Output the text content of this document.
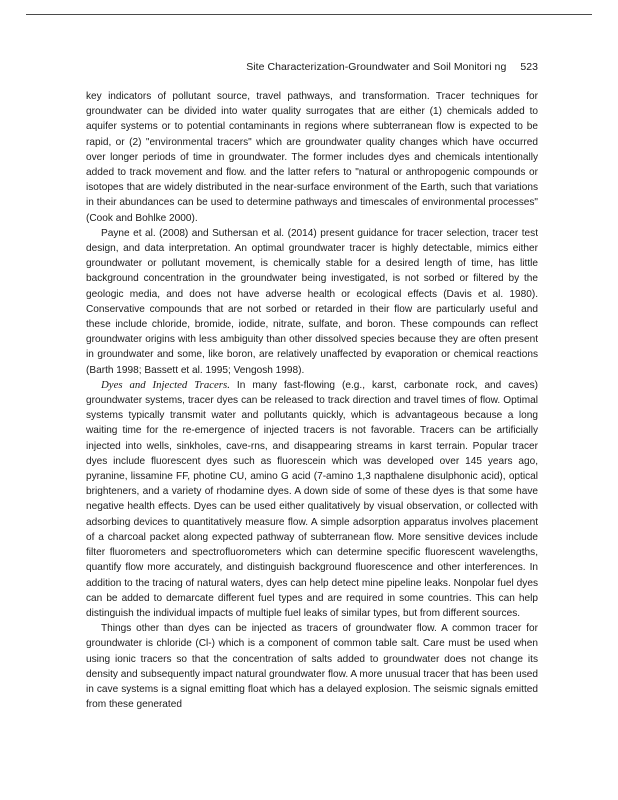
Site Characterization-Groundwater and Soil Monitori ng 523

key indicators of pollutant source, travel pathways, and transformation. Tracer techniques for groundwater can be divided into water quality surrogates that are either (1) chemicals added to aquifer systems or to potential contaminants in regions where subterranean flow is expected to be rapid, or (2) "environmental tracers" which are groundwater quality changes which have occurred over longer periods of time in groundwater. The former includes dyes and chemicals intentionally added to track movement and flow. and the latter refers to "natural or anthropogenic compounds or isotopes that are widely distributed in the near-surface environment of the Earth, such that variations in their abundances can be used to determine pathways and timescales of environmental processes" (Cook and Bohlke 2000).

Payne et al. (2008) and Suthersan et al. (2014) present guidance for tracer selection, tracer test design, and data interpretation. An optimal groundwater tracer is highly detectable, mimics either groundwater or pollutant movement, is chemically stable for a desired length of time, has little background concentration in the groundwater being investigated, is not sorbed or filtered by the geologic media, and does not have adverse health or ecological effects (Davis et al. 1980). Conservative compounds that are not sorbed or retarded in their flow are particularly useful and these include chloride, bromide, iodide, nitrate, sulfate, and boron. These compounds can reflect groundwater origins with less ambiguity than other dissolved species because they are often present in groundwater and some, like boron, are relatively unaffected by evaporation or chemical reactions (Barth 1998; Bassett et al. 1995; Vengosh 1998).

Dyes and Injected Tracers. In many fast-flowing (e.g., karst, carbonate rock, and caves) groundwater systems, tracer dyes can be released to track direction and travel times of flow. Optimal systems typically transmit water and pollutants quickly, which is advantageous because a long waiting time for the re-emergence of injected tracers is not favorable. Tracers can be artificially injected into wells, sinkholes, cave-rns, and disappearing streams in karst terrain. Popular tracer dyes include fluorescent dyes such as fluorescein which was developed over 145 years ago, pyranine, lissamine FF, photine CU, amino G acid (7-amino 1,3 napthalene disulphonic acid), optical brighteners, and a variety of rhodamine dyes. A down side of some of these dyes is that some have negative health effects. Dyes can be used either qualitatively by visual observation, or collected with adsorbing devices to quantitatively measure flow. A simple adsorption apparatus involves placement of a charcoal packet along expected pathway of subterranean flow. More sensitive devices include filter fluorometers and spectrofluorometers which can determine specific fluorescent wavelengths, quantify flow more accurately, and distinguish background fluorescence and other interferences. In addition to the tracing of natural waters, dyes can help detect mine pipeline leaks. Nonpolar fuel dyes can be added to demarcate different fuel types and are required in some countries. This can help distinguish the individual impacts of multiple fuel leaks of similar types, but from different sources.

Things other than dyes can be injected as tracers of groundwater flow. A common tracer for groundwater is chloride (Cl-) which is a component of common table salt. Care must be used when using ionic tracers so that the concentration of salts added to groundwater does not change its density and subsequently impact natural groundwater flow. A more unusual tracer that has been used in cave systems is a signal emitting float which has a delayed explosion. The seismic signals emitted from these generated
